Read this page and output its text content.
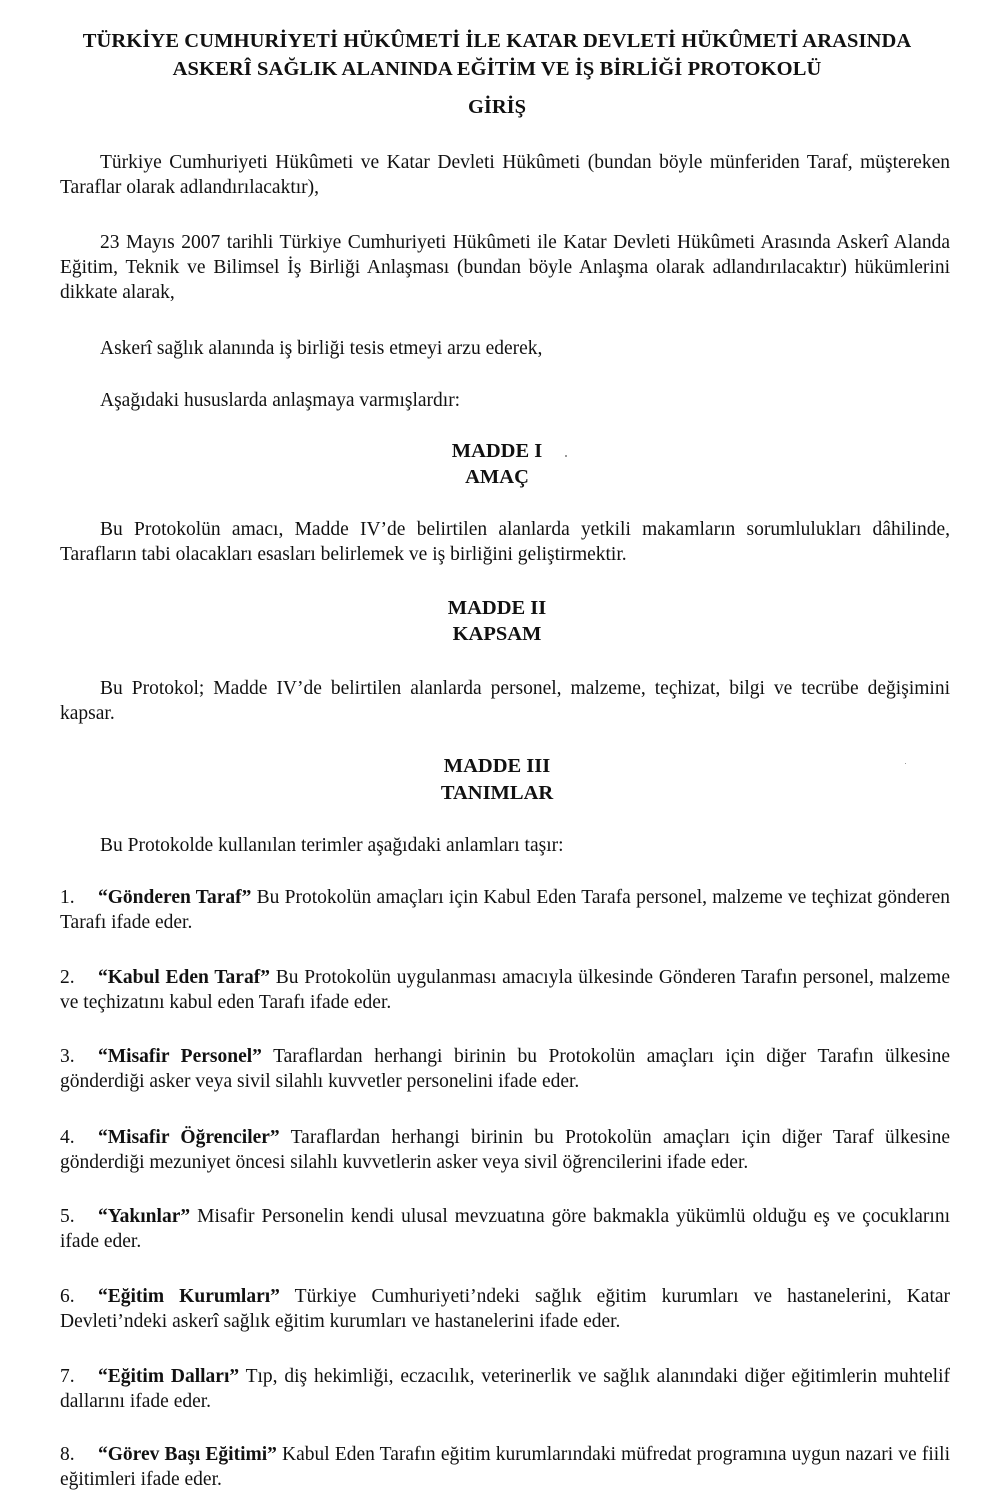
TÜRKİYE CUMHURİYETİ HÜKÛMETİ İLE KATAR DEVLETİ HÜKÛMETİ ARASINDA
ASKERÎ SAĞLIK ALANINDA EĞİTİM VE İŞ BİRLİĞİ PROTOKOLÜ
GİRİŞ

Türkiye Cumhuriyeti Hükûmeti ve Katar Devleti Hükûmeti (bundan böyle münferiden Taraf, müştereken Taraflar olarak adlandırılacaktır),

23 Mayıs 2007 tarihli Türkiye Cumhuriyeti Hükûmeti ile Katar Devleti Hükûmeti Arasında Askerî Alanda Eğitim, Teknik ve Bilimsel İş Birliği Anlaşması (bundan böyle Anlaşma olarak adlandırılacaktır) hükümlerini dikkate alarak,

Askerî sağlık alanında iş birliği tesis etmeyi arzu ederek,

Aşağıdaki hususlarda anlaşmaya varmışlardır:

MADDE I
AMAÇ

Bu Protokolün amacı, Madde IV’de belirtilen alanlarda yetkili makamların sorumlulukları dâhilinde, Tarafların tabi olacakları esasları belirlemek ve iş birliğini geliştirmektir.

MADDE II
KAPSAM

Bu Protokol; Madde IV’de belirtilen alanlarda personel, malzeme, teçhizat, bilgi ve tecrübe değişimini kapsar.

MADDE III
TANIMLAR

Bu Protokolde kullanılan terimler aşağıdaki anlamları taşır:

1. “Gönderen Taraf” Bu Protokolün amaçları için Kabul Eden Tarafa personel, malzeme ve teçhizat gönderen Tarafı ifade eder.

2. “Kabul Eden Taraf” Bu Protokolün uygulanması amacıyla ülkesinde Gönderen Tarafın personel, malzeme ve teçhizatını kabul eden Tarafı ifade eder.

3. “Misafir Personel” Taraflardan herhangi birinin bu Protokolün amaçları için diğer Tarafın ülkesine gönderdiği asker veya sivil silahlı kuvvetler personelini ifade eder.

4. “Misafir Öğrenciler” Taraflardan herhangi birinin bu Protokolün amaçları için diğer Taraf ülkesine gönderdiği mezuniyet öncesi silahlı kuvvetlerin asker veya sivil öğrencilerini ifade eder.

5. “Yakınlar” Misafir Personelin kendi ulusal mevzuatına göre bakmakla yükümlü olduğu eş ve çocuklarını ifade eder.

6. “Eğitim Kurumları” Türkiye Cumhuriyeti’ndeki sağlık eğitim kurumları ve hastanelerini, Katar Devleti’ndeki askerî sağlık eğitim kurumları ve hastanelerini ifade eder.

7. “Eğitim Dalları” Tıp, diş hekimliği, eczacılık, veterinerlik ve sağlık alanındaki diğer eğitimlerin muhtelif dallarını ifade eder.

8. “Görev Başı Eğitimi” Kabul Eden Tarafın eğitim kurumlarındaki müfredat programına uygun nazari ve fiili eğitimleri ifade eder.
